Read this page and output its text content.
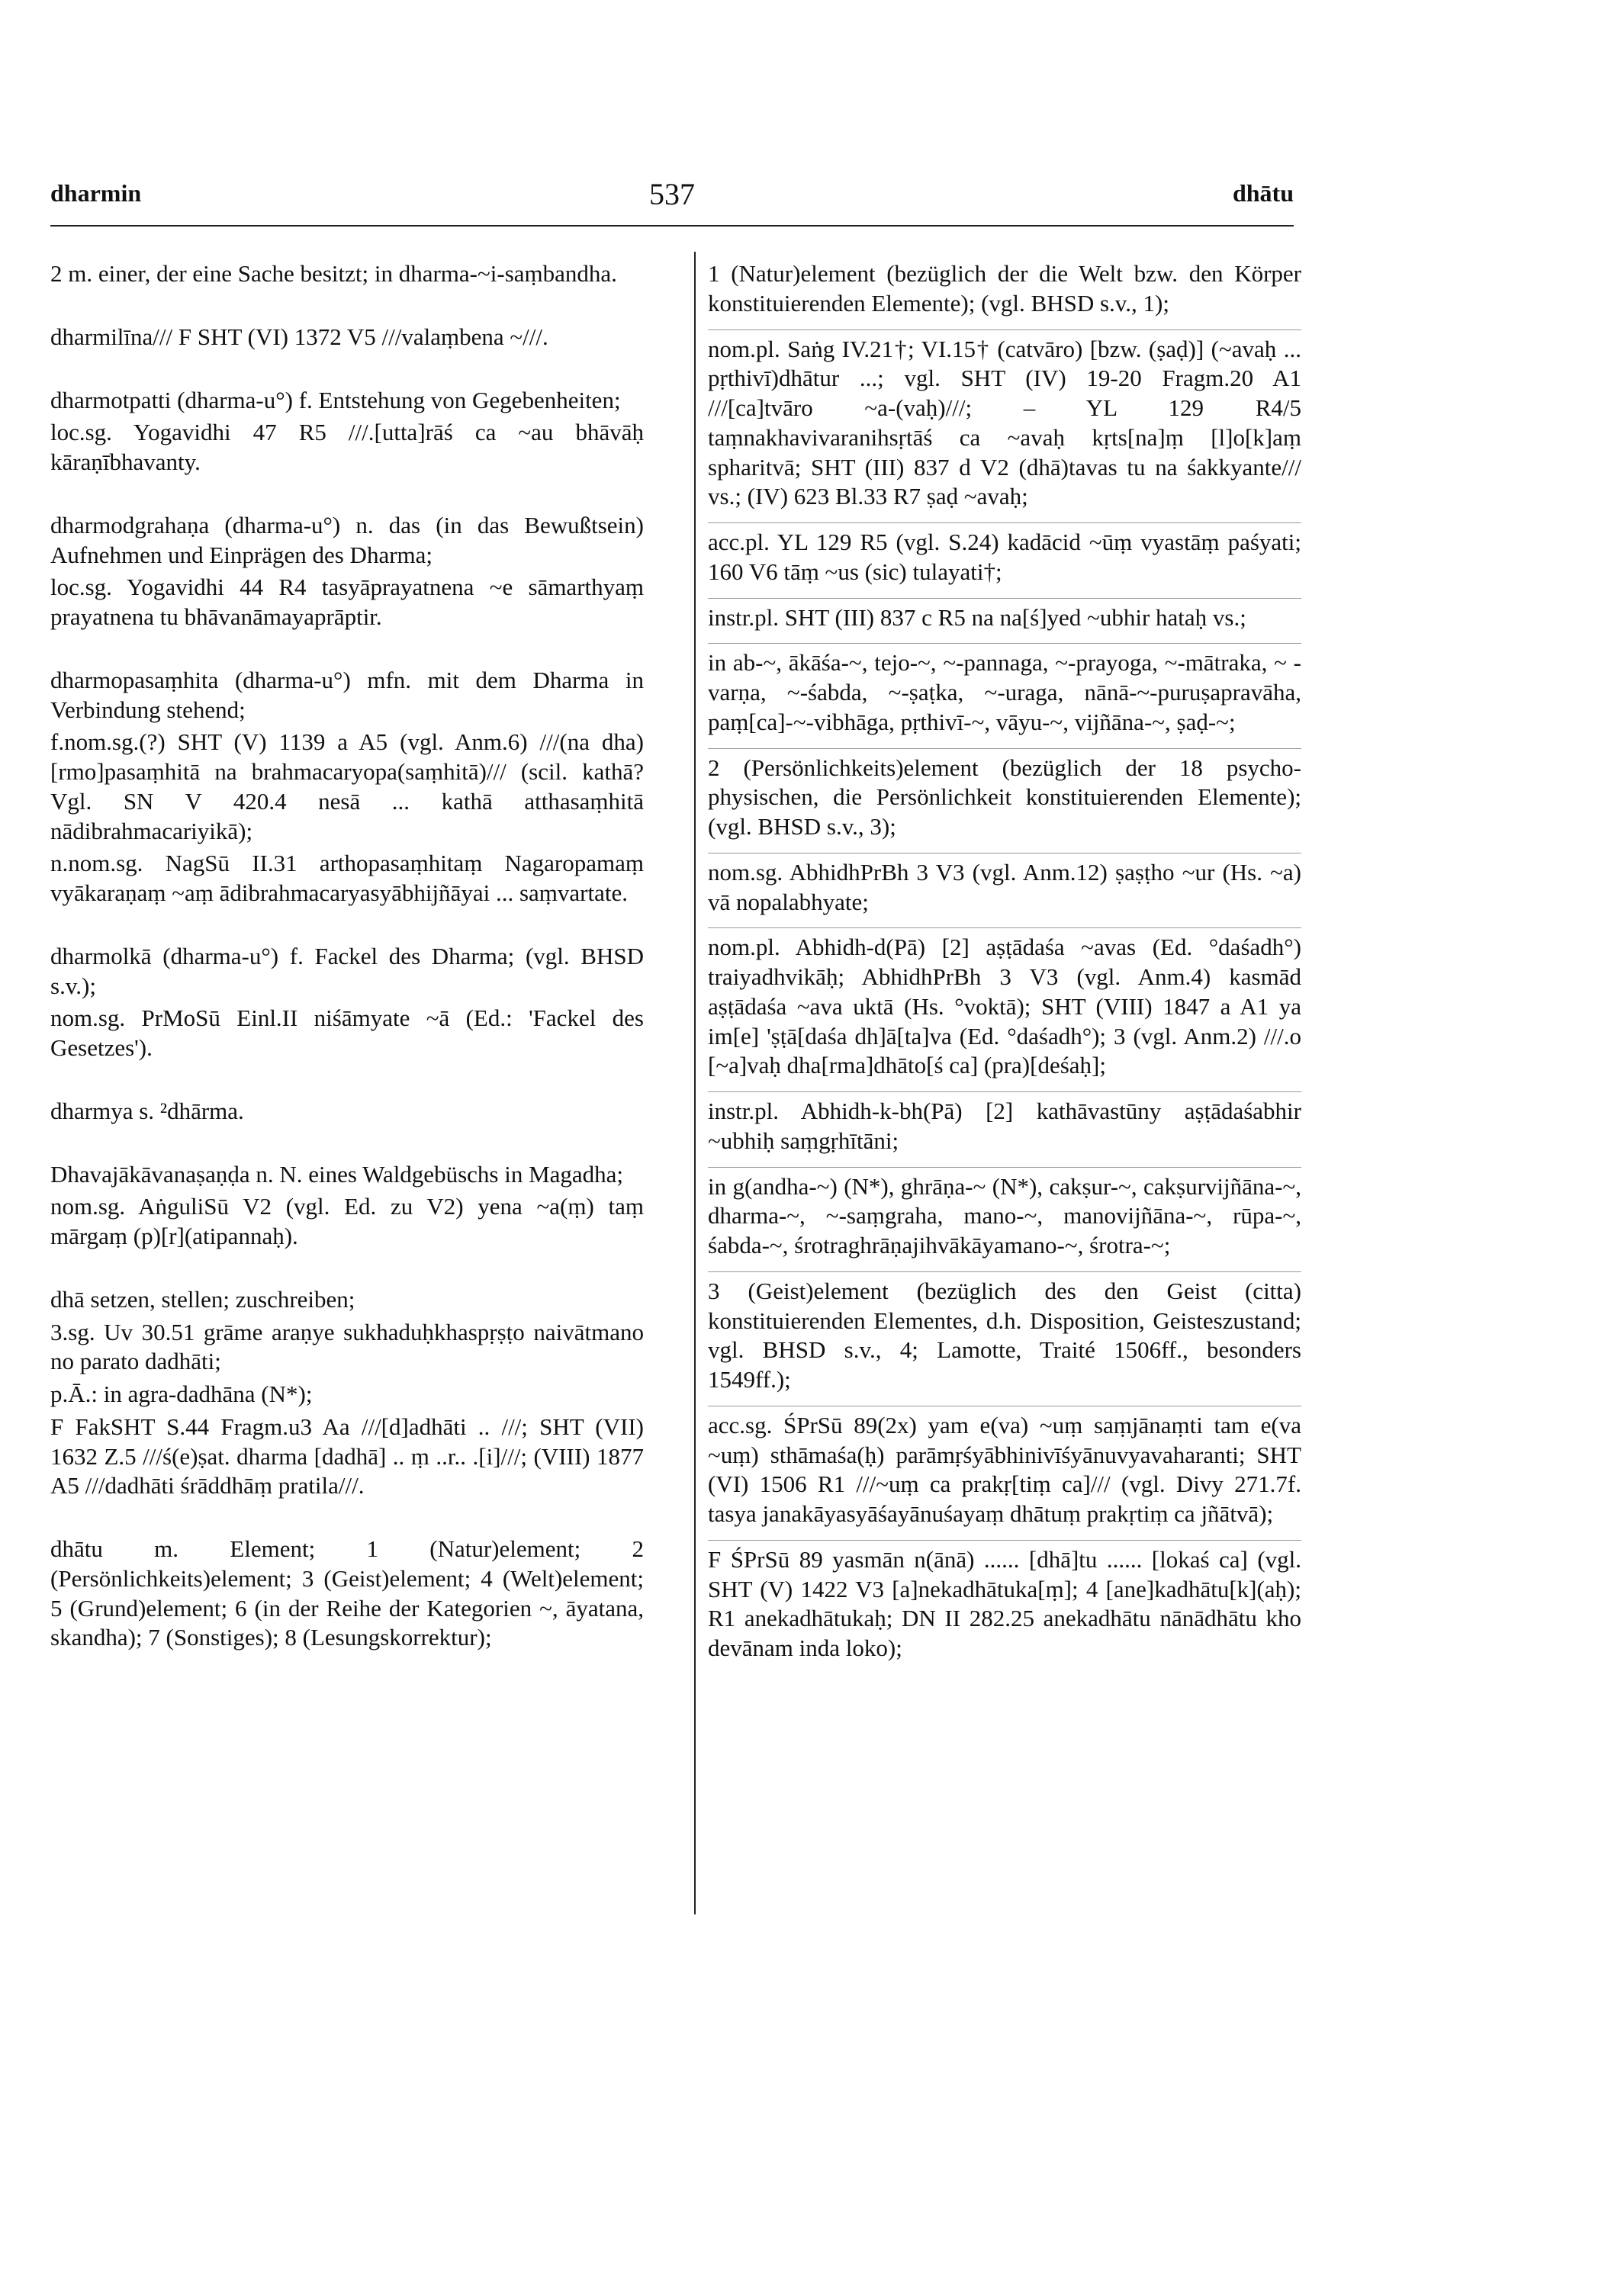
dharmin	537	dhātu

2 m. einer, der eine Sache besitzt; in dharma-~i-saṃbandha.

dharmilīna/// F SHT (VI) 1372 V5 ///valaṃbena ~///.

dharmotpatti (dharma-u°) f. Entstehung von Gegebenheiten;

loc.sg. Yogavidhi 47 R5 ///.[utta]rāś ca ~au bhāvāḥ kāraṇībhavanty.

dharmodgrahaṇa (dharma-u°) n. das (in das Bewußtsein) Aufnehmen und Einprägen des Dharma;

loc.sg. Yogavidhi 44 R4 tasyāprayatnena ~e sāmarthyaṃ prayatnena tu bhāvanāmayaprāptir.

dharmopasaṃhita (dharma-u°) mfn. mit dem Dharma in Verbindung stehend;

f.nom.sg.(?) SHT (V) 1139 a A5 (vgl. Anm.6) ///(na dha)[rmo]pasaṃhitā na brahmacaryopa(saṃhitā)/// (scil. kathā? Vgl. SN V 420.4 nesā ... kathā atthasaṃhitā nādibrahmacariyikā);

n.nom.sg. NagSū II.31 arthopasaṃhitaṃ Nagaropamaṃ vyākaraṇaṃ ~aṃ ādibrahmacaryasyābhijñāyai ... saṃvartate.

dharmolkā (dharma-u°) f. Fackel des Dharma; (vgl. BHSD s.v.);

nom.sg. PrMoSū Einl.II niśāmyate ~ā (Ed.: 'Fackel des Gesetzes').

dharmya s. ²dhārma.

Dhavajākāvanaṣaṇḍa n. N. eines Waldgebüschs in Magadha;

nom.sg. AṅguliSū V2 (vgl. Ed. zu V2) yena ~a(ṃ) taṃ mārgaṃ (p)[r](atipannaḥ).

dhā setzen, stellen; zuschreiben;

3.sg. Uv 30.51 grāme araṇye sukhaduḥkhaspṛṣṭo naivātmano no parato dadhāti;

p.Ā.: in agra-dadhāna (N*);

F FakSHT S.44 Fragm.u3 Aa ///[d]adhāti .. ///; SHT (VII) 1632 Z.5 ///ś(e)ṣat. dharma [dadhā] .. ṃ ..r.. .[i]///; (VIII) 1877 A5 ///dadhāti śrāddhāṃ pratila///.

dhātu m. Element; 1 (Natur)element; 2 (Persönlichkeits)element; 3 (Geist)element; 4 (Welt)element; 5 (Grund)element; 6 (in der Reihe der Kategorien ~, āyatana, skandha); 7 (Sonstiges); 8 (Lesungskorrektur);

1 (Natur)element (bezüglich der die Welt bzw. den Körper konstituierenden Elemente); (vgl. BHSD s.v., 1);

nom.pl. Saṅg IV.21†; VI.15† (catvāro) [bzw. (ṣaḍ)] (~avaḥ ... pṛthivī)dhātur ...; vgl. SHT (IV) 19-20 Fragm.20 A1 ///[ca]tvāro ~a-(vaḥ)///; – YL 129 R4/5 taṃnakhavivaranihsṛtāś ca ~avaḥ kṛts[na]ṃ [l]o[k]aṃ spharitvā; SHT (III) 837 d V2 (dhā)tavas tu na śakkyante/// vs.; (IV) 623 Bl.33 R7 ṣaḍ ~avaḥ;

acc.pl. YL 129 R5 (vgl. S.24) kadācid ~ūṃ vyastāṃ paśyati; 160 V6 tāṃ ~us (sic) tulayati†;

instr.pl. SHT (III) 837 c R5 na na[ś]yed ~ubhir hataḥ vs.;

in ab-~, ākāśa-~, tejo-~, ~-pannaga, ~-prayoga, ~-mātraka, ~ -varṇa, ~-śabda, ~-ṣaṭka, ~-uraga, nānā-~-puruṣapravāha, paṃ[ca]-~-vibhāga, pṛthivī-~, vāyu-~, vijñāna-~, ṣaḍ-~;

2 (Persönlichkeits)element (bezüglich der 18 psycho-physischen, die Persönlichkeit konstituierenden Elemente); (vgl. BHSD s.v., 3);

nom.sg. AbhidhPrBh 3 V3 (vgl. Anm.12) ṣaṣṭho ~ur (Hs. ~a) vā nopalabhyate;

nom.pl. Abhidh-d(Pā) [2] aṣṭādaśa ~avas (Ed. °daśadh°) traiyadhvikāḥ; AbhidhPrBh 3 V3 (vgl. Anm.4) kasmād aṣṭādaśa ~ava uktā (Hs. °voktā); SHT (VIII) 1847 a A1 ya im[e] 'ṣṭā[daśa dh]ā[ta]va (Ed. °daśadh°); 3 (vgl. Anm.2) ///.o [~a]vaḥ dha[rma]dhāto[ś ca] (pra)[deśaḥ];

instr.pl. Abhidh-k-bh(Pā) [2] kathāvastūny aṣṭādaśabhir ~ubhiḥ saṃgṛhītāni;

in g(andha-~) (N*), ghrāṇa-~ (N*), cakṣur-~, cakṣurvijñāna-~, dharma-~, ~-saṃgraha, mano-~, manovijñāna-~, rūpa-~, śabda-~, śrotraghrāṇajihvākāyamano-~, śrotra-~;

3 (Geist)element (bezüglich des den Geist (citta) konstituierenden Elementes, d.h. Disposition, Geisteszustand; vgl. BHSD s.v., 4; Lamotte, Traité 1506ff., besonders 1549ff.);

acc.sg. ŚPrSū 89(2x) yam e(va) ~uṃ saṃjānaṃti tam e(va ~uṃ) sthāmaśa(ḥ) parāmṛśyābhinivīśyānuvyavaharanti; SHT (VI) 1506 R1 ///~uṃ ca prakṛ[tiṃ ca]/// (vgl. Divy 271.7f. tasya janakāyasyāśayānuśayaṃ dhātuṃ prakṛtiṃ ca jñātvā);

F ŚPrSū 89 yasmān n(ānā) ...... [dhā]tu ...... [lokaś ca] (vgl. SHT (V) 1422 V3 [a]nekadhātuka[ṃ]; 4 [ane]kadhātu[k](aḥ); R1 anekadhātukaḥ; DN II 282.25 anekadhātu nānādhātu kho devānam inda loko);
